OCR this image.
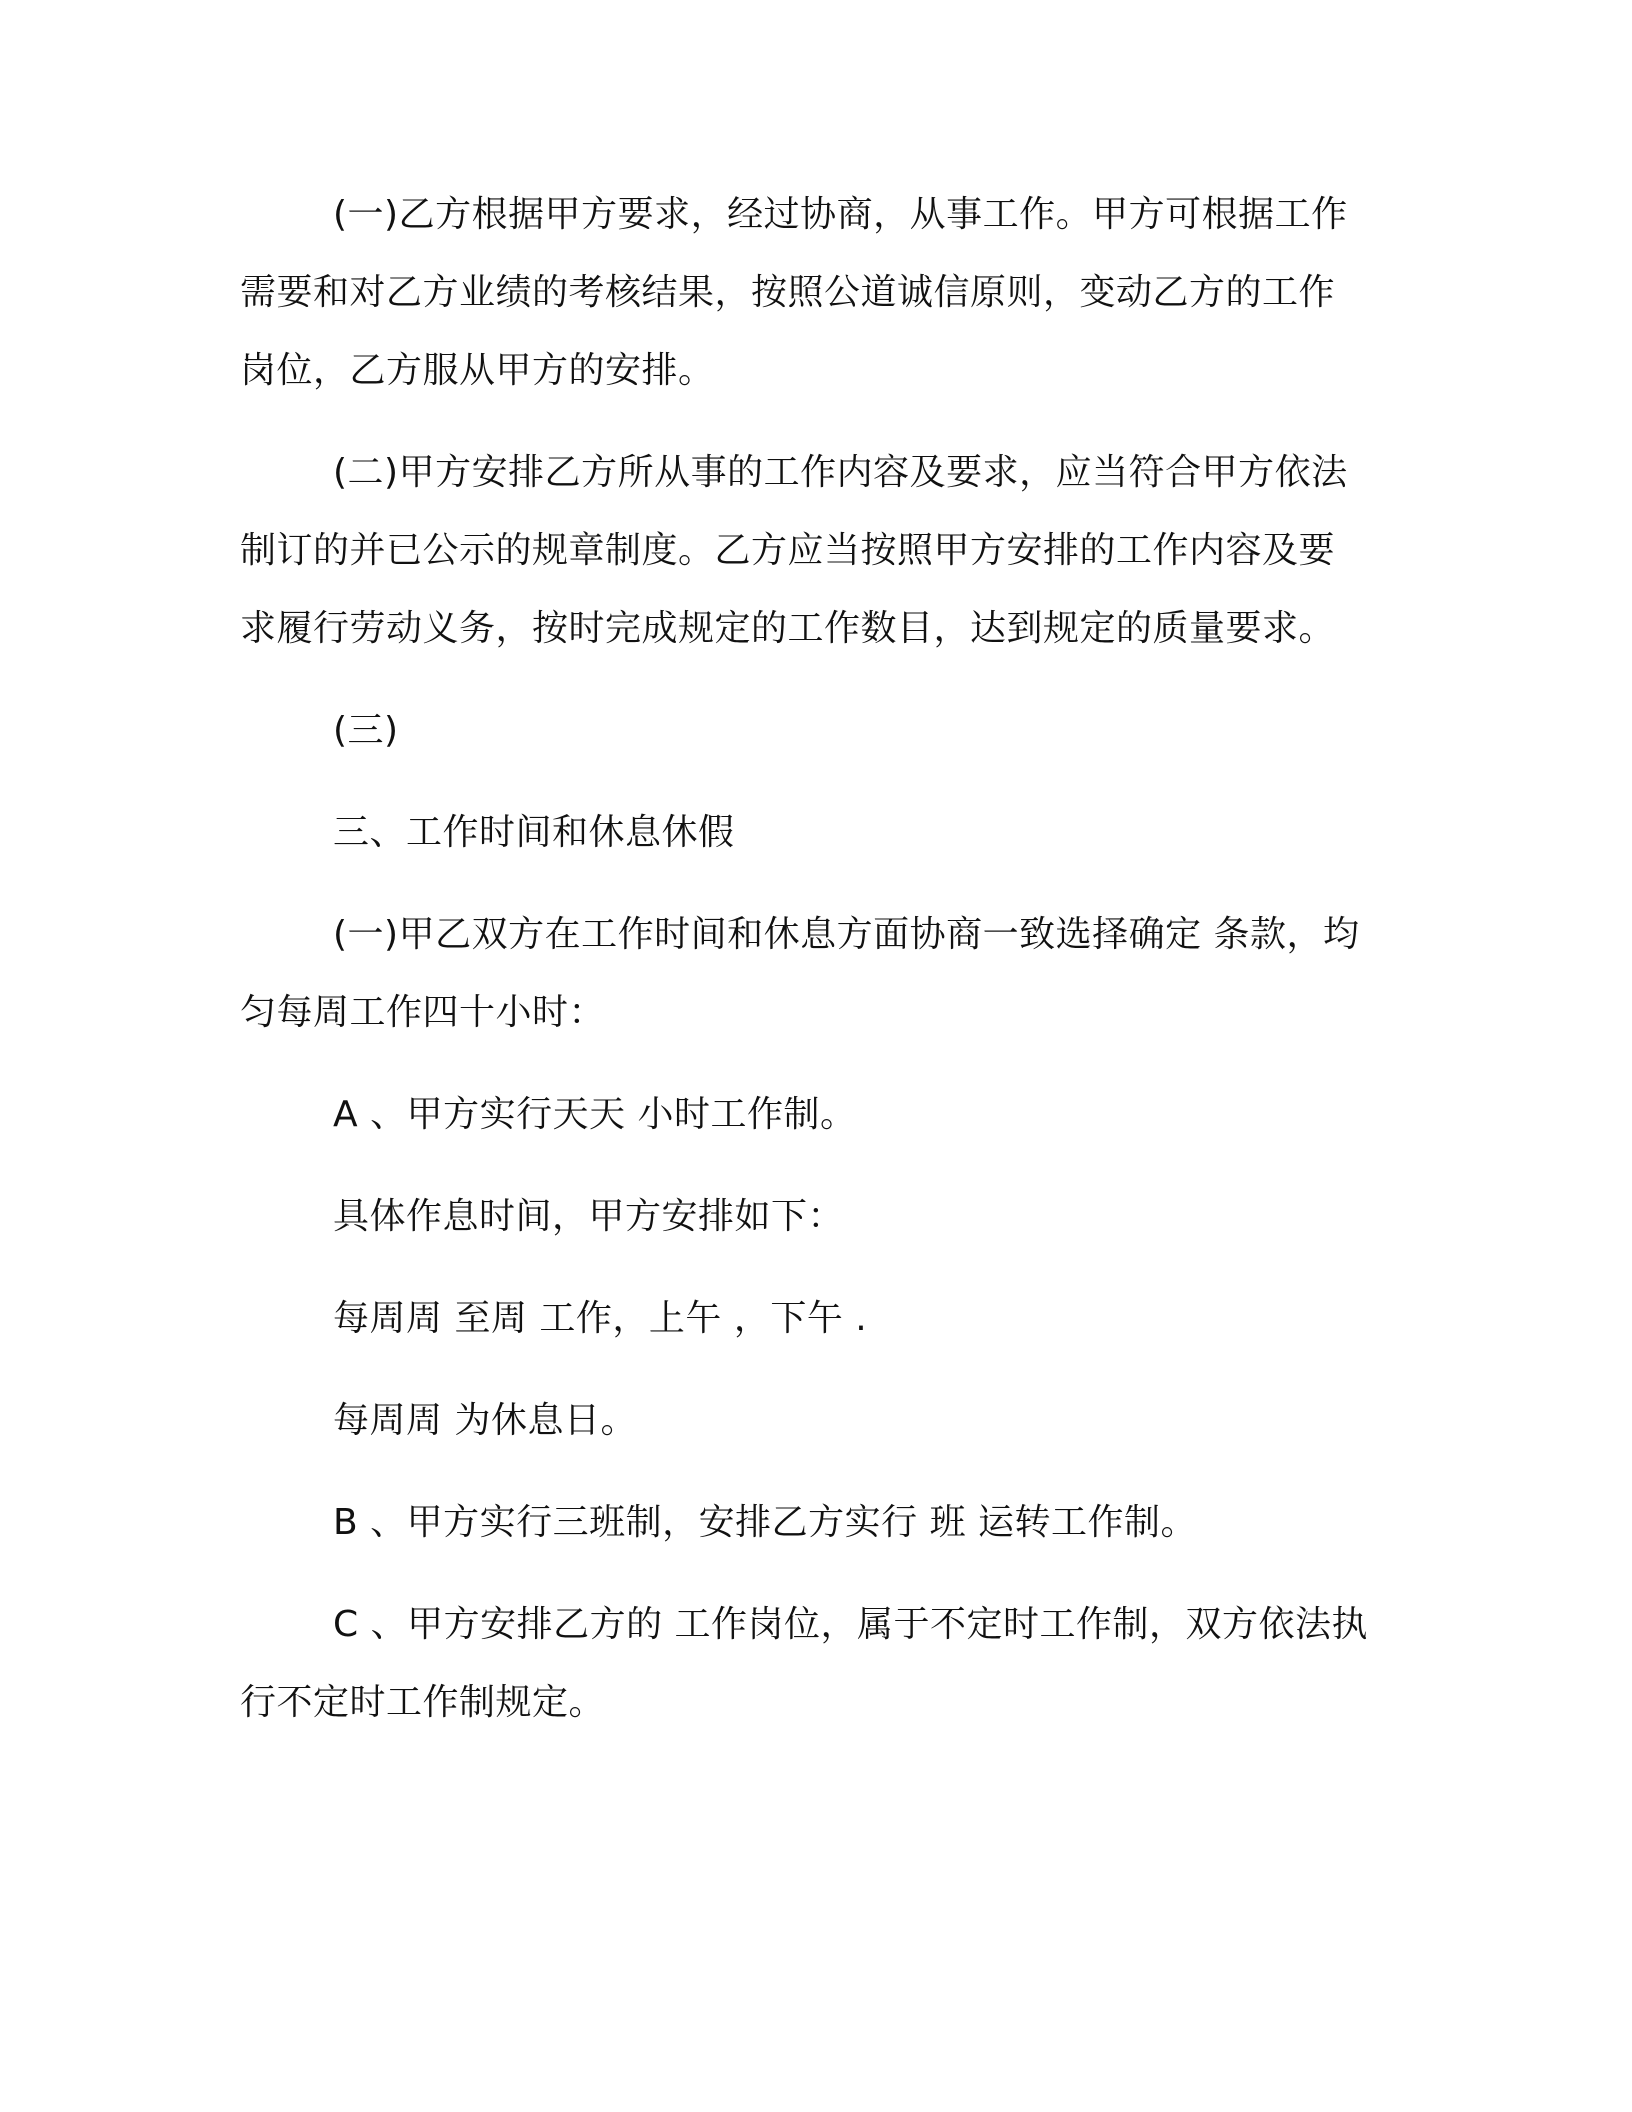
(一)乙方根据甲方要求，经过协商，从事工作。甲方可根据工作

需要和对乙方业绩的考核结果，按照公道诚信原则，变动乙方的工作

岗位，乙方服从甲方的安排。

(二)甲方安排乙方所从事的工作内容及要求，应当符合甲方依法

制订的并已公示的规章制度。乙方应当按照甲方安排的工作内容及要

求履行劳动义务，按时完成规定的工作数目，达到规定的质量要求。

(三)

三、工作时间和休息休假

(一)甲乙双方在工作时间和休息方面协商一致选择确定 条款，均

匀每周工作四十小时：

A 、甲方实行天天 小时工作制。

具体作息时间，甲方安排如下：

每周周 至周 工作，上午 ，下午 .

每周周 为休息日。

B 、甲方实行三班制，安排乙方实行 班 运转工作制。

C 、甲方安排乙方的 工作岗位，属于不定时工作制，双方依法执

行不定时工作制规定。
